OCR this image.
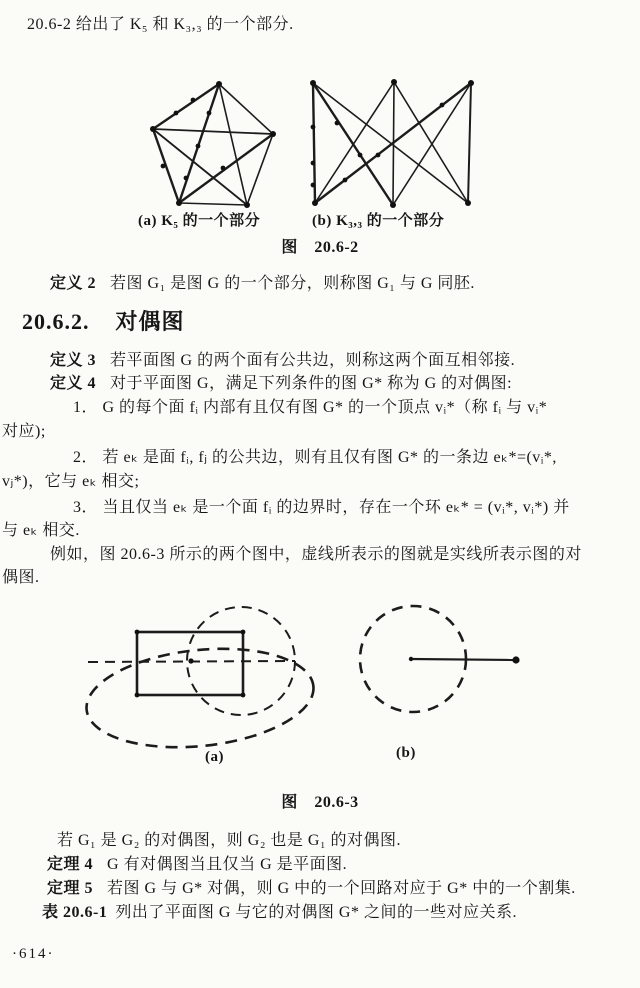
20.6-2 给出了 K₅ 和 K₃,₃ 的一个部分.
(a) K₅ 的一个部分	(b) K₃,₃ 的一个部分
图　20.6-2
定义 2 若图 G₁ 是图 G 的一个部分，则称图 G₁ 与 G 同胚.
20.6.2. 对偶图
定义 3 若平面图 G 的两个面有公共边，则称这两个面互相邻接.
定义 4 对于平面图 G，满足下列条件的图 G* 称为 G 的对偶图:
1． G 的每个面 fᵢ 内部有且仅有图 G* 的一个顶点 vᵢ*（称 fᵢ 与 vᵢ*
对应);
2． 若 eₖ 是面 fᵢ, fⱼ 的公共边，则有且仅有图 G* 的一条边 eₖ*=(vᵢ*,
vⱼ*)，它与 eₖ 相交;
3． 当且仅当 eₖ 是一个面 fᵢ 的边界时，存在一个环 eₖ* = (vᵢ*, vᵢ*) 并
与 eₖ 相交.
例如，图 20.6-3 所示的两个图中，虚线所表示的图就是实线所表示图的对
偶图.
(a)	(b)
图　20.6-3
若 G₁ 是 G₂ 的对偶图，则 G₂ 也是 G₁ 的对偶图.
定理 4 G 有对偶图当且仅当 G 是平面图.
定理 5 若图 G 与 G* 对偶，则 G 中的一个回路对应于 G* 中的一个割集.
表 20.6-1 列出了平面图 G 与它的对偶图 G* 之间的一些对应关系.
·614·
